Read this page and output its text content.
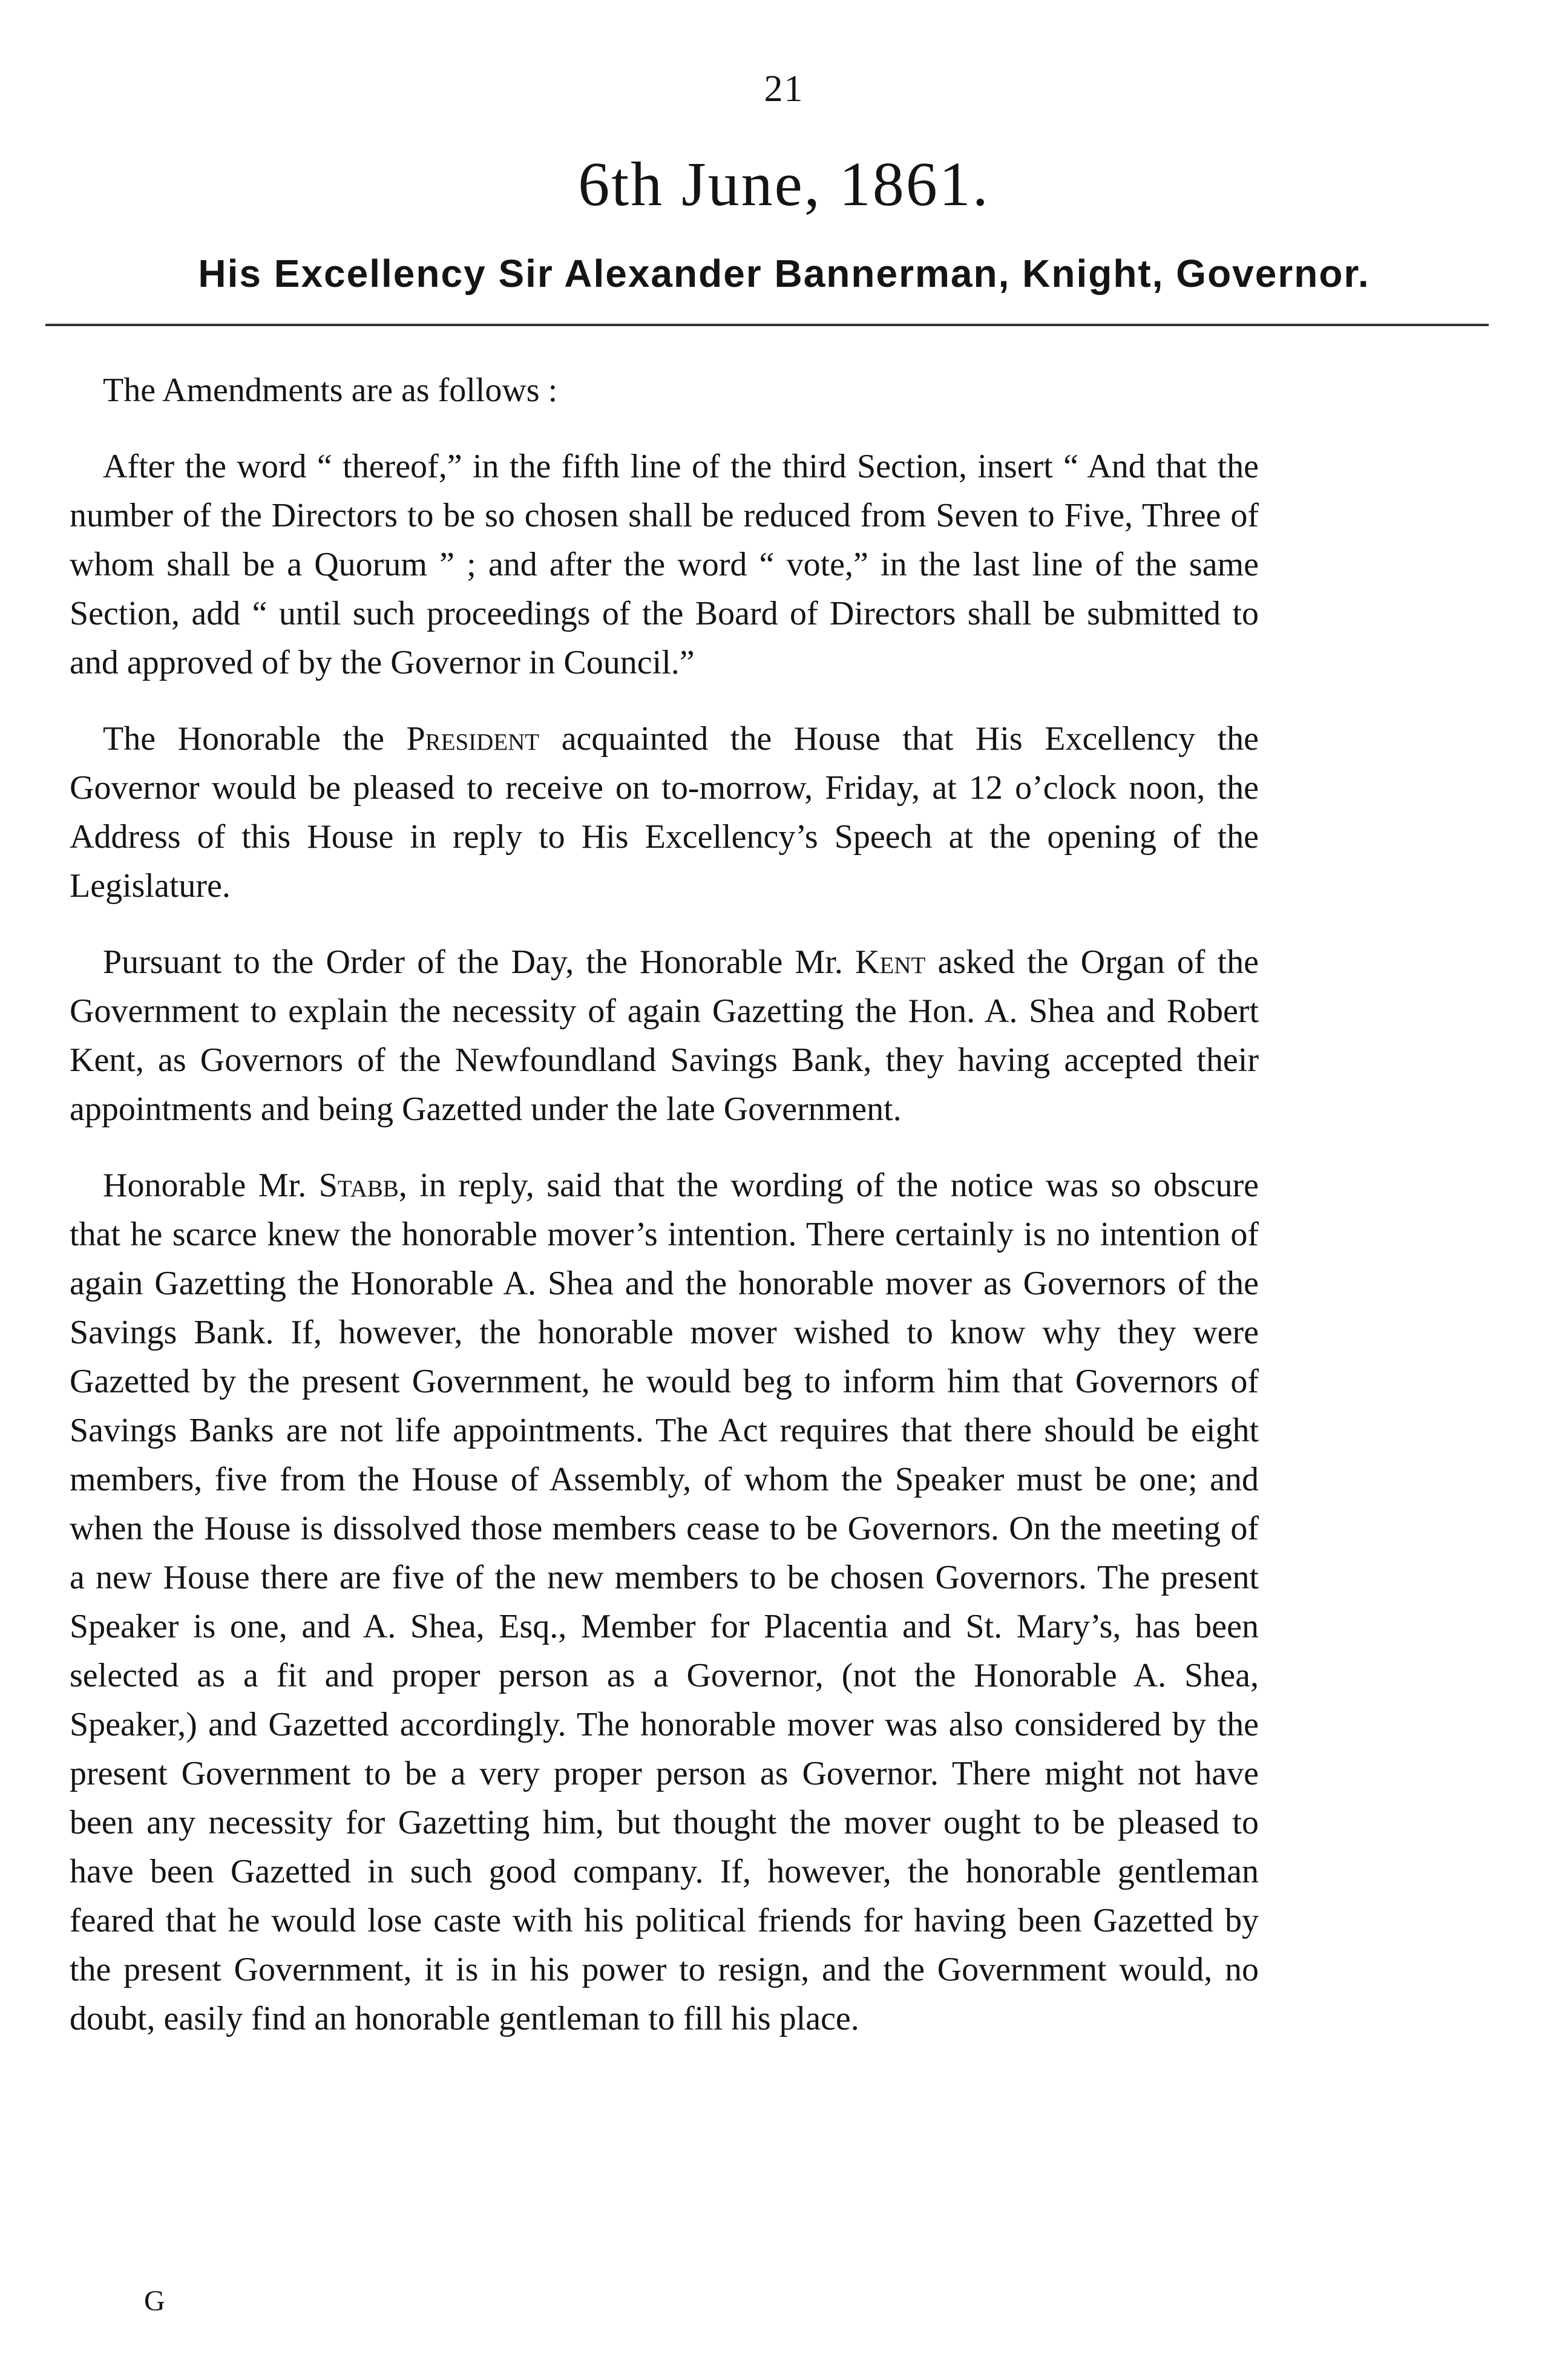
21
6th June, 1861.
His Excellency Sir Alexander Bannerman, Knight, Governor.

The Amendments are as follows :

After the word “ thereof,” in the fifth line of the third Section, insert “ And that the number of the Directors to be so chosen shall be reduced from Seven to Five, Three of whom shall be a Quorum ” ; and after the word “ vote,” in the last line of the same Section, add “ until such proceedings of the Board of Directors shall be submitted to and approved of by the Governor in Council.”

The Honorable the President acquainted the House that His Excellency the Governor would be pleased to receive on to-morrow, Friday, at 12 o’clock noon, the Address of this House in reply to His Excellency’s Speech at the opening of the Legislature.

Pursuant to the Order of the Day, the Honorable Mr. Kent asked the Organ of the Government to explain the necessity of again Gazetting the Hon. A. Shea and Robert Kent, as Governors of the Newfoundland Savings Bank, they having accepted their appointments and being Gazetted under the late Government.

Honorable Mr. Stabb, in reply, said that the wording of the notice was so obscure that he scarce knew the honorable mover’s intention. There certainly is no intention of again Gazetting the Honorable A. Shea and the honorable mover as Governors of the Savings Bank. If, however, the honorable mover wished to know why they were Gazetted by the present Government, he would beg to inform him that Governors of Savings Banks are not life appointments. The Act requires that there should be eight members, five from the House of Assembly, of whom the Speaker must be one; and when the House is dissolved those members cease to be Governors. On the meeting of a new House there are five of the new members to be chosen Governors. The present Speaker is one, and A. Shea, Esq., Member for Placentia and St. Mary’s, has been selected as a fit and proper person as a Governor, (not the Honorable A. Shea, Speaker,) and Gazetted accordingly. The honorable mover was also considered by the present Government to be a very proper person as Governor. There might not have been any necessity for Gazetting him, but thought the mover ought to be pleased to have been Gazetted in such good company. If, however, the honorable gentleman feared that he would lose caste with his political friends for having been Gazetted by the present Government, it is in his power to resign, and the Government would, no doubt, easily find an honorable gentleman to fill his place.

G
